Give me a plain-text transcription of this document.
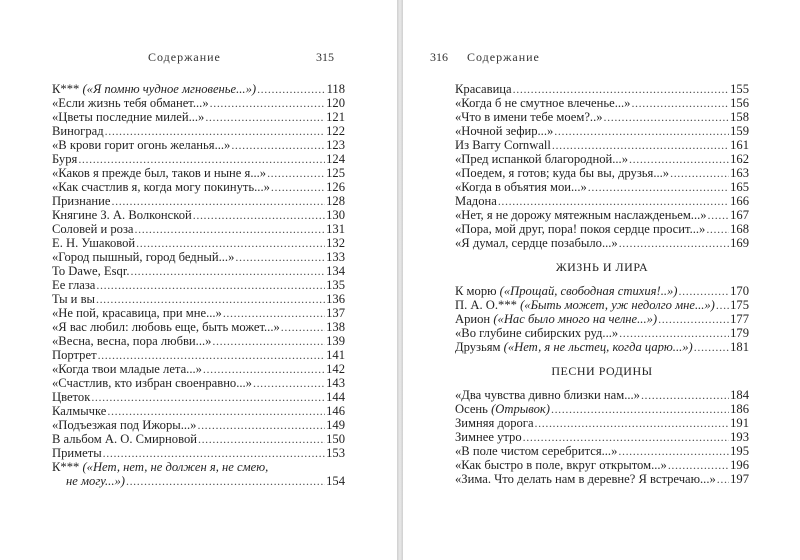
Содержание	315
К*** («Я помню чудное мгновенье...») . . .	118
«Если жизнь тебя обманет...» . . .	120
«Цветы последние милей...» . . .	121
Виноград . . .	122
«В крови горит огонь желанья...» . . .	123
Буря . . .	124
«Каков я прежде был, таков и ныне я...» . . .	125
«Как счастлив я, когда могу покинуть...» . . .	126
Признание . . .	128
Княгине З. А. Волконской . . .	130
Соловей и роза . . .	131
Е. Н. Ушаковой . . .	132
«Город пышный, город бедный...» . . .	133
To Dawe, Esqr. . . .	134
Ее глаза . . .	135
Ты и вы . . .	136
«Не пой, красавица, при мне...» . . .	137
«Я вас любил: любовь еще, быть может...» . . .	138
«Весна, весна, пора любви...» . . .	139
Портрет . . .	141
«Когда твои младые лета...» . . .	142
«Счастлив, кто избран своенравно...» . . .	143
Цветок . . .	144
Калмычке . . .	146
«Подъезжая под Ижоры...» . . .	149
В альбом А. О. Смирновой . . .	150
Приметы . . .	153
К*** («Нет, нет, не должен я, не смею,
не могу...») . . .	154
316 Содержание
Красавица . . .	155
«Когда б не смутное влеченье...» . . .	156
«Что в имени тебе моем?..» . . .	158
«Ночной зефир...» . . .	159
Из Barry Cornwall . . .	161
«Пред испанкой благородной...» . . .	162
«Поедем, я готов; куда бы вы, друзья...» . . .	163
«Когда в объятия мои...» . . .	165
Мадона . . .	166
«Нет, я не дорожу мятежным наслажденьем...» . . . 167
«Пора, мой друг, пора! покоя сердце просит...» . . . 168
«Я думал, сердце позабыло...» . . .	169
ЖИЗНЬ И ЛИРА
К морю («Прощай, свободная стихия!..») . . .	170
П. А. О.*** («Быть может, уж недолго мне...») . . . 175
Арион («Нас было много на челне...») . . .	177
«Во глубине сибирских руд...» . . .	179
Друзьям («Нет, я не льстец, когда царю...») . . .	181
ПЕСНИ РОДИНЫ
«Два чувства дивно близки нам...» . . .	184
Осень (Отрывок) . . .	186
Зимняя дорога . . .	191
Зимнее утро . . .	193
«В поле чистом серебрится...» . . .	195
«Как быстро в поле, вкруг открытом...» . . .	196
«Зима. Что делать нам в деревне? Я встречаю...» . . . 197
